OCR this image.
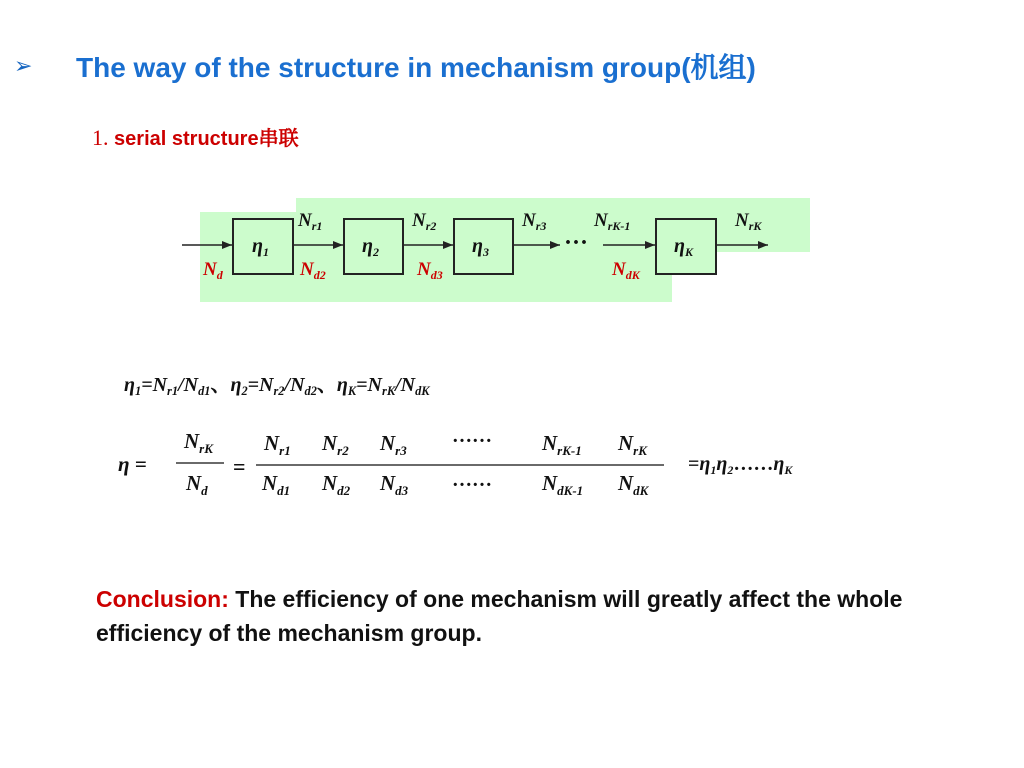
➢	The way of the structure in mechanism group(机组)
1. serial structure串联
$\eta_1$	$\eta_2$	$\eta_3$	$\eta_K$
···
$N_{r1}$	$N_{r2}$	$N_{r3}$	$N_{rK-1}$	$N_{rK}$
$N_d$	$N_{d2}$	$N_{d3}$	$N_{dK}$
$\eta_1=N_{r1}/N_{d1}$、$\eta_2=N_{r2}/N_{d2}$、$\eta_K=N_{rK}/N_{dK}$
η =
$N_{rK}$
$N_d$
=
$N_{r1}$ $N_{r2}$ $N_{r3}$
…… $N_{rK-1}$ $N_{rK}$
$N_{d1}$ $N_{d2}$ $N_{d3}$ …… $N_{dK-1}$ $N_{dK}$
$=\eta_1\eta_2\dots\dots\eta_K$
Conclusion: The efficiency of one mechanism will greatly affect the whole efficiency of the mechanism group.
